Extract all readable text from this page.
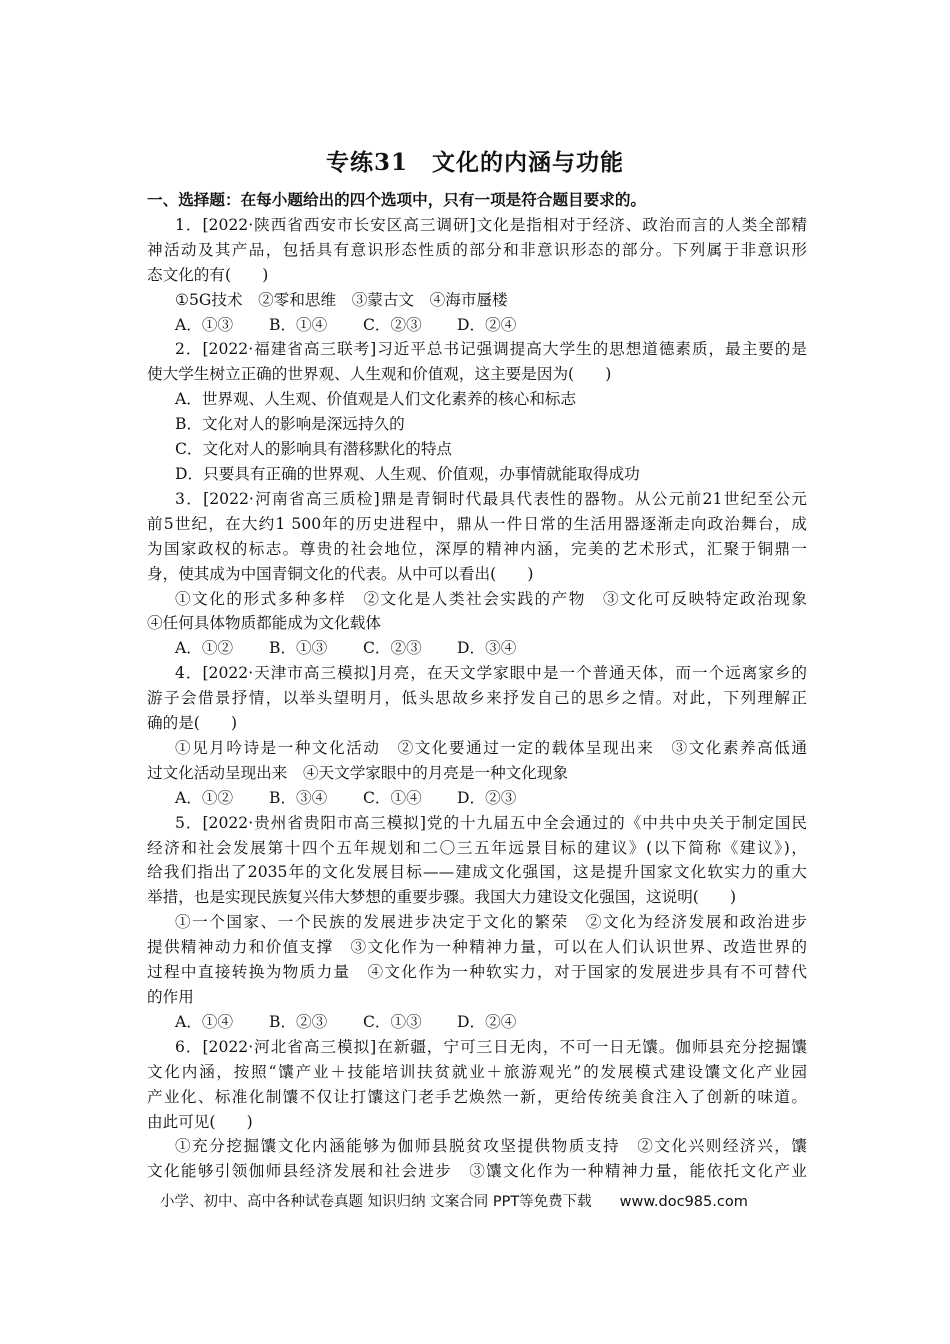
专练31　文化的内涵与功能
一、选择题：在每小题给出的四个选项中，只有一项是符合题目要求的。
1．[2022·陕西省西安市长安区高三调研]文化是指相对于经济、政治而言的人类全部精
神活动及其产品，包括具有意识形态性质的部分和非意识形态的部分。下列属于非意识形
态文化的有(　　)
①5G技术　②零和思维　③蒙古文　④海市蜃楼
A．①③ B．①④ C．②③ D．②④
2．[2022·福建省高三联考]习近平总书记强调提高大学生的思想道德素质，最主要的是
使大学生树立正确的世界观、人生观和价值观，这主要是因为(　　)
A．世界观、人生观、价值观是人们文化素养的核心和标志
B．文化对人的影响是深远持久的
C．文化对人的影响具有潜移默化的特点
D．只要具有正确的世界观、人生观、价值观，办事情就能取得成功
3．[2022·河南省高三质检]鼎是青铜时代最具代表性的器物。从公元前21世纪至公元
前5世纪，在大约1 500年的历史进程中，鼎从一件日常的生活用器逐渐走向政治舞台，成
为国家政权的标志。尊贵的社会地位，深厚的精神内涵，完美的艺术形式，汇聚于铜鼎一
身，使其成为中国青铜文化的代表。从中可以看出(　　)
①文化的形式多种多样　②文化是人类社会实践的产物　③文化可反映特定政治现象
④任何具体物质都能成为文化载体
A．①② B．①③ C．②③ D．③④
4．[2022·天津市高三模拟]月亮，在天文学家眼中是一个普通天体，而一个远离家乡的
游子会借景抒情，以举头望明月，低头思故乡来抒发自己的思乡之情。对此，下列理解正
确的是(　　)
①见月吟诗是一种文化活动　②文化要通过一定的载体呈现出来　③文化素养高低通
过文化活动呈现出来　④天文学家眼中的月亮是一种文化现象
A．①② B．③④ C．①④ D．②③
5．[2022·贵州省贵阳市高三模拟]党的十九届五中全会通过的《中共中央关于制定国民
经济和社会发展第十四个五年规划和二〇三五年远景目标的建议》(以下简称《建议》)，
给我们指出了2035年的文化发展目标——建成文化强国，这是提升国家文化软实力的重大
举措，也是实现民族复兴伟大梦想的重要步骤。我国大力建设文化强国，这说明(　　)
①一个国家、一个民族的发展进步决定于文化的繁荣　②文化为经济发展和政治进步
提供精神动力和价值支撑　③文化作为一种精神力量，可以在人们认识世界、改造世界的
过程中直接转换为物质力量　④文化作为一种软实力，对于国家的发展进步具有不可替代
的作用
A．①④ B．②③ C．①③ D．②④
6．[2022·河北省高三模拟]在新疆，宁可三日无肉，不可一日无馕。伽师县充分挖掘馕
文化内涵，按照“馕产业＋技能培训扶贫就业＋旅游观光”的发展模式建设馕文化产业园
产业化、标准化制馕不仅让打馕这门老手艺焕然一新，更给传统美食注入了创新的味道。
由此可见(　　)
①充分挖掘馕文化内涵能够为伽师县脱贫攻坚提供物质支持　②文化兴则经济兴，馕
文化能够引领伽师县经济发展和社会进步　③馕文化作为一种精神力量，能依托文化产业
小学、初中、高中各种试卷真题 知识归纳 文案合同 PPT等免费下载 www.doc985.com
